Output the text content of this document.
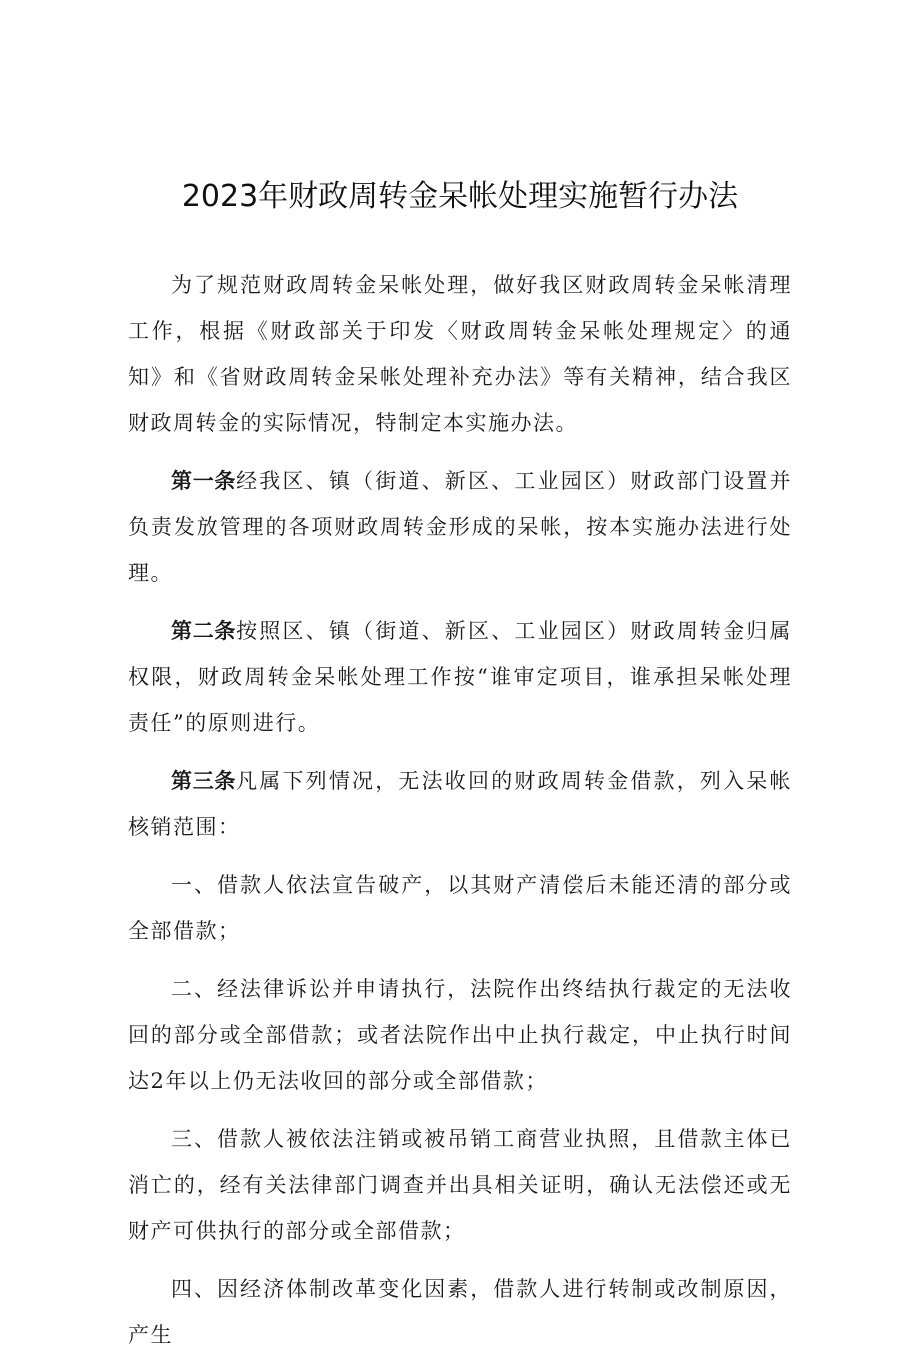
2023年财政周转金呆帐处理实施暂行办法

为了规范财政周转金呆帐处理，做好我区财政周转金呆帐清理工作，根据《财政部关于印发〈财政周转金呆帐处理规定〉的通知》和《省财政周转金呆帐处理补充办法》等有关精神，结合我区财政周转金的实际情况，特制定本实施办法。

第一条经我区、镇（街道、新区、工业园区）财政部门设置并负责发放管理的各项财政周转金形成的呆帐，按本实施办法进行处理。

第二条按照区、镇（街道、新区、工业园区）财政周转金归属权限，财政周转金呆帐处理工作按“谁审定项目，谁承担呆帐处理责任”的原则进行。

第三条凡属下列情况，无法收回的财政周转金借款，列入呆帐核销范围：

一、借款人依法宣告破产，以其财产清偿后未能还清的部分或全部借款；

二、经法律诉讼并申请执行，法院作出终结执行裁定的无法收回的部分或全部借款；或者法院作出中止执行裁定，中止执行时间达2年以上仍无法收回的部分或全部借款；

三、借款人被依法注销或被吊销工商营业执照，且借款主体已消亡的，经有关法律部门调查并出具相关证明，确认无法偿还或无财产可供执行的部分或全部借款；

四、因经济体制改革变化因素，借款人进行转制或改制原因，产生
